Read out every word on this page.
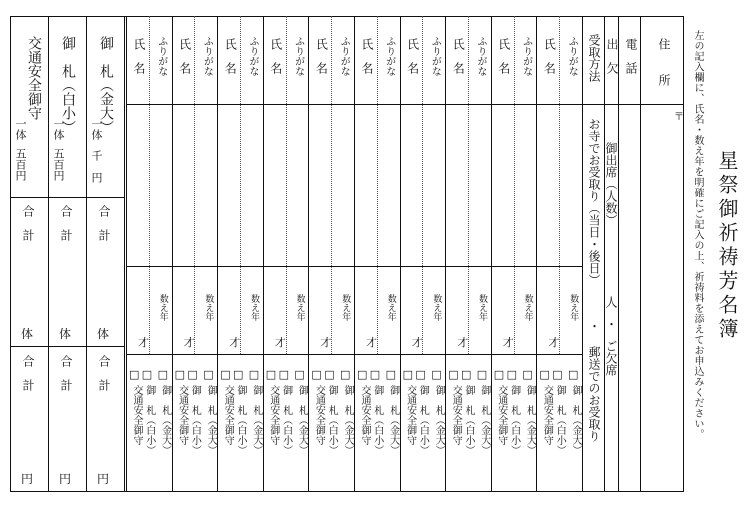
星祭御祈祷芳名簿
左の記入欄に、氏名・数え年を明確にご記入の上、祈祷料を添えてお申込みください。
御　札（金大）
一体
千　円
合　計
体
合　計
円
御　札（白小）
一体
五百円
合　計
体
合　計
円
交通安全御守
一体
五百円
合　計
体
合　計
円
ふりがな
氏　名
数え年
才
□
御　札（金大）
□
御　札（白小）
□
交通安全御守
ふりがな
氏　名
数え年
才
□
御　札（金大）
□
御　札（白小）
□
交通安全御守
ふりがな
氏　名
数え年
才
□
御　札（金大）
□
御　札（白小）
□
交通安全御守
ふりがな
氏　名
数え年
才
□
御　札（金大）
□
御　札（白小）
□
交通安全御守
ふりがな
氏　名
数え年
才
□
御　札（金大）
□
御　札（白小）
□
交通安全御守
ふりがな
氏　名
数え年
才
□
御　札（金大）
□
御　札（白小）
□
交通安全御守
ふりがな
氏　名
数え年
才
□
御　札（金大）
□
御　札（白小）
□
交通安全御守
ふりがな
氏　名
数え年
才
□
御　札（金大）
□
御　札（白小）
□
交通安全御守
ふりがな
氏　名
数え年
才
□
御　札（金大）
□
御　札（白小）
□
交通安全御守
ふりがな
氏　名
数え年
才
□
御　札（金大）
□
御　札（白小）
□
交通安全御守
住　　所
〒
電　話
出　欠
御出席（人数）
人
・
ご欠席
受取方法
お寺でお受取り（当日・後日）
・
郵送でのお受取り
